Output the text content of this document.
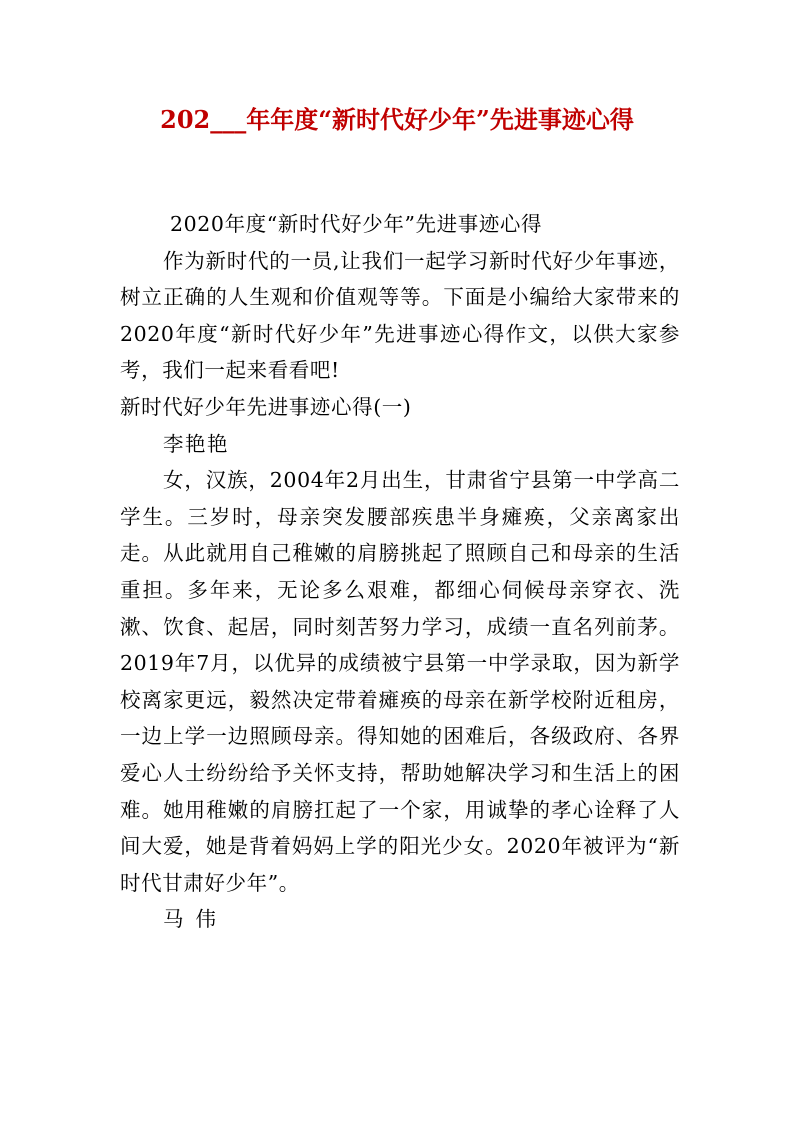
202___年年度“新时代好少年”先进事迹心得

2020年度“新时代好少年”先进事迹心得

作为新时代的一员,让我们一起学习新时代好少年事迹，树立正确的人生观和价值观等等。下面是小编给大家带来的2020年度“新时代好少年”先进事迹心得作文，以供大家参考，我们一起来看看吧!

新时代好少年先进事迹心得(一)

李艳艳

女，汉族，2004年2月出生，甘肃省宁县第一中学高二学生。三岁时，母亲突发腰部疾患半身瘫痪，父亲离家出走。从此就用自己稚嫩的肩膀挑起了照顾自己和母亲的生活重担。多年来，无论多么艰难，都细心伺候母亲穿衣、洗漱、饮食、起居，同时刻苦努力学习，成绩一直名列前茅。2019年7月，以优异的成绩被宁县第一中学录取，因为新学校离家更远，毅然决定带着瘫痪的母亲在新学校附近租房，一边上学一边照顾母亲。得知她的困难后，各级政府、各界爱心人士纷纷给予关怀支持，帮助她解决学习和生活上的困难。她用稚嫩的肩膀扛起了一个家，用诚挚的孝心诠释了人间大爱，她是背着妈妈上学的阳光少女。2020年被评为“新时代甘肃好少年”。

马伟
